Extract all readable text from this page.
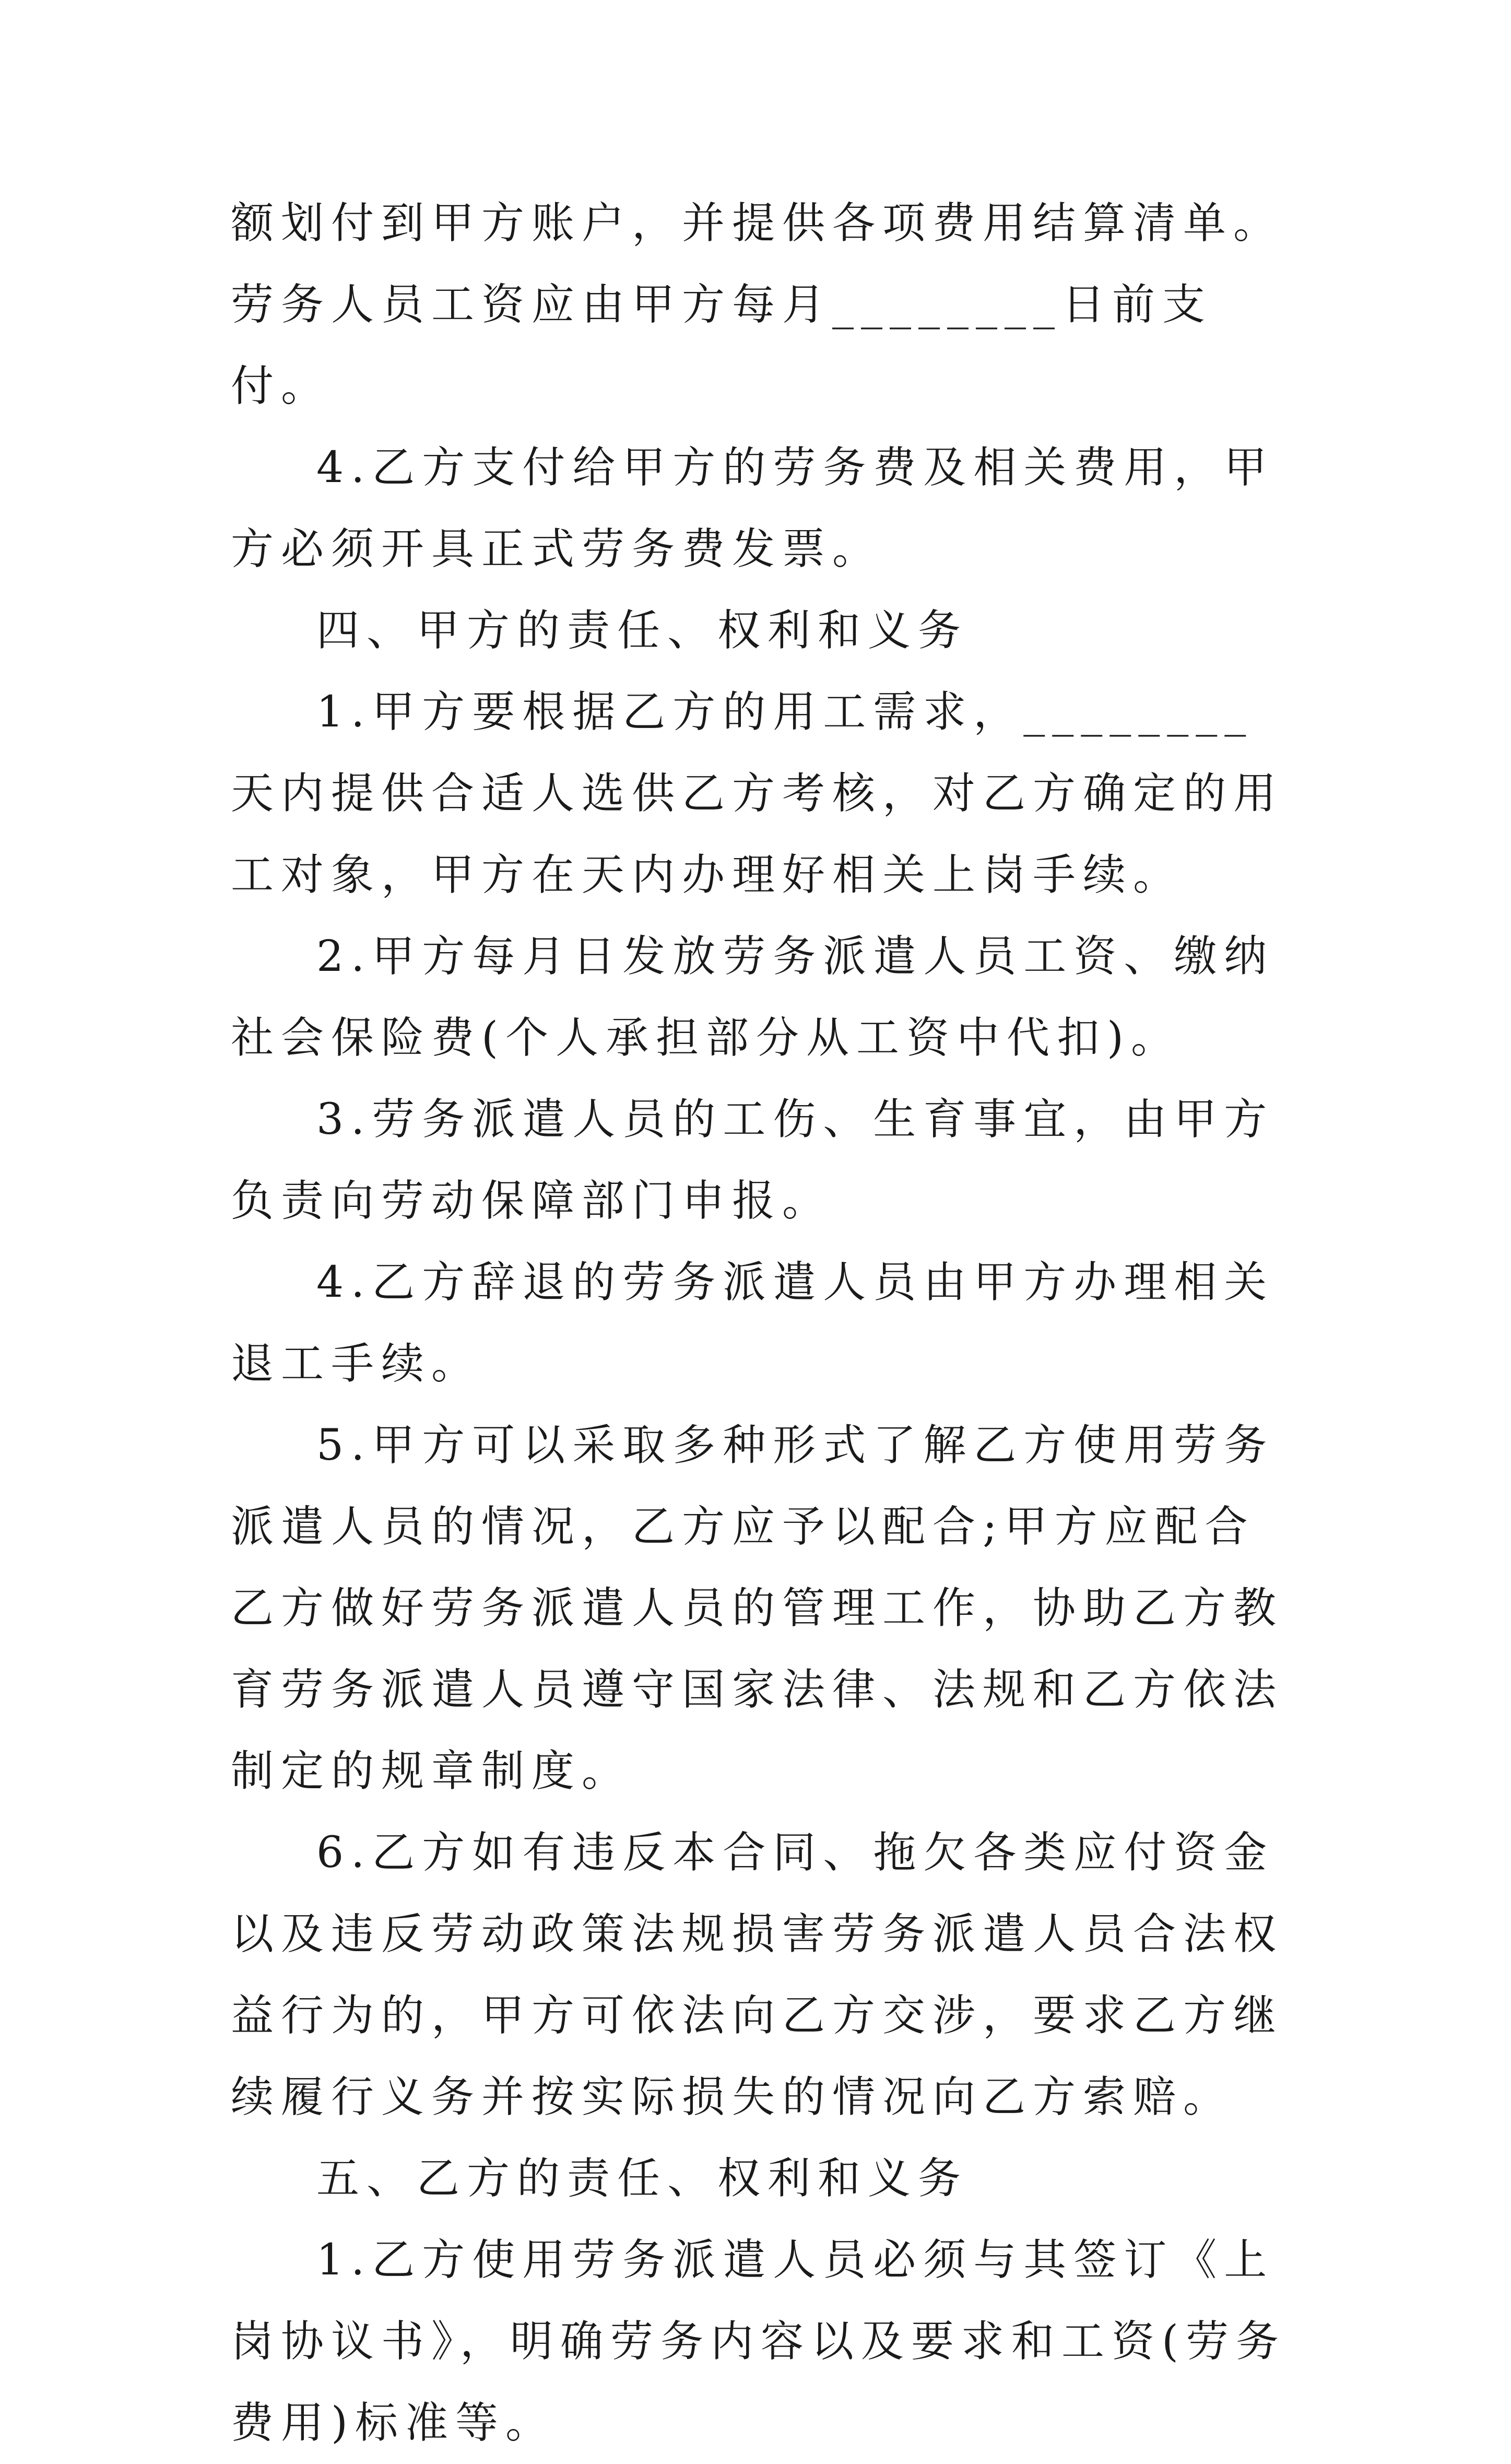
额划付到甲方账户，并提供各项费用结算清单。劳务人员工资应由甲方每月________日前支付。

4.乙方支付给甲方的劳务费及相关费用，甲方必须开具正式劳务费发票。

四、甲方的责任、权利和义务

1.甲方要根据乙方的用工需求，________天内提供合适人选供乙方考核，对乙方确定的用工对象，甲方在天内办理好相关上岗手续。

2.甲方每月日发放劳务派遣人员工资、缴纳社会保险费(个人承担部分从工资中代扣)。

3.劳务派遣人员的工伤、生育事宜，由甲方负责向劳动保障部门申报。

4.乙方辞退的劳务派遣人员由甲方办理相关退工手续。

5.甲方可以采取多种形式了解乙方使用劳务派遣人员的情况，乙方应予以配合;甲方应配合乙方做好劳务派遣人员的管理工作，协助乙方教育劳务派遣人员遵守国家法律、法规和乙方依法制定的规章制度。

6.乙方如有违反本合同、拖欠各类应付资金以及违反劳动政策法规损害劳务派遣人员合法权益行为的，甲方可依法向乙方交涉，要求乙方继续履行义务并按实际损失的情况向乙方索赔。

五、乙方的责任、权利和义务

1.乙方使用劳务派遣人员必须与其签订《上岗协议书》，明确劳务内容以及要求和工资(劳务费用)标准等。
